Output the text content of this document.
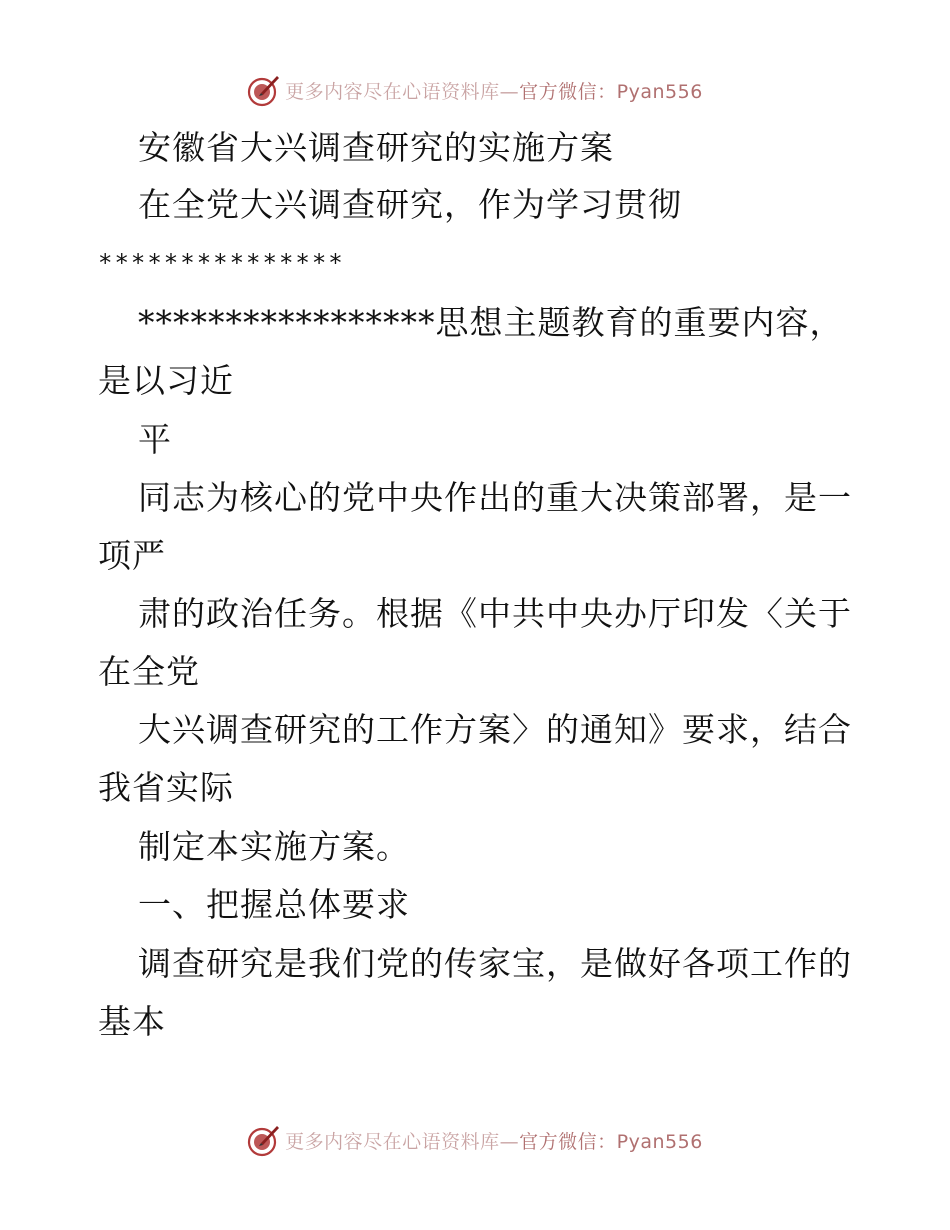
更多内容尽在心语资料库—官方微信：Pyan556
安徽省大兴调查研究的实施方案
在全党大兴调查研究，作为学习贯彻
***************
*****************思想主题教育的重要内容，
是以习近
平
同志为核心的党中央作出的重大决策部署，是一
项严
肃的政治任务。根据《中共中央办厅印发〈关于
在全党
大兴调查研究的工作方案〉的通知》要求，结合
我省实际
制定本实施方案。
一、把握总体要求
调查研究是我们党的传家宝，是做好各项工作的
基本
更多内容尽在心语资料库—官方微信：Pyan556
